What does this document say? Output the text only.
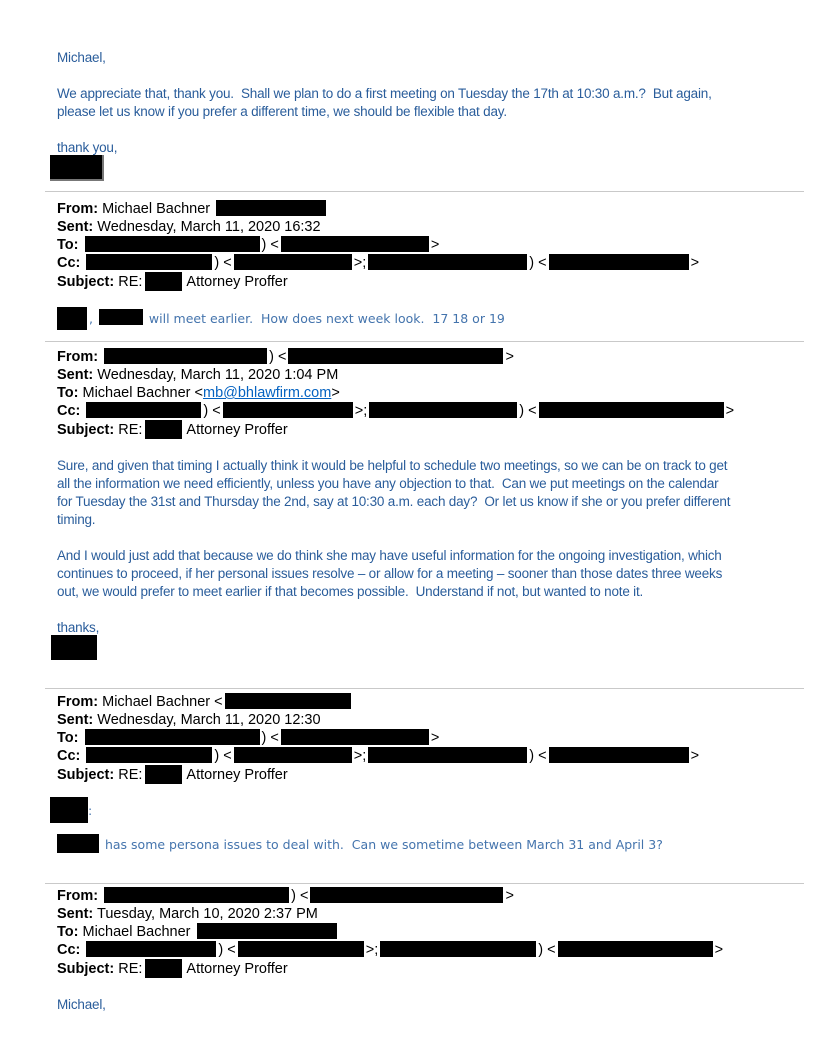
Michael,

We appreciate that, thank you.  Shall we plan to do a first meeting on Tuesday the 17th at 10:30 a.m.?  But again,
please let us know if you prefer a different time, we should be flexible that day.

thank you,

From: Michael Bachner
Sent: Wednesday, March 11, 2020 16:32
To:	) <	>
Cc:	) <	>;	) <	>
Subject: RE:	Attorney Proffer
,	will meet earlier.  How does next week look.  17 18 or 19
From:	) <	>
Sent: Wednesday, March 11, 2020 1:04 PM
To: Michael Bachner <mb@bhlawfirm.com>
Cc:	) <	>;	) <	>
Subject: RE:	Attorney Proffer

Sure, and given that timing I actually think it would be helpful to schedule two meetings, so we can be on track to get
all the information we need efficiently, unless you have any objection to that.  Can we put meetings on the calendar
for Tuesday the 31st and Thursday the 2nd, say at 10:30 a.m. each day?  Or let us know if she or you prefer different
timing.

And I would just add that because we do think she may have useful information for the ongoing investigation, which
continues to proceed, if her personal issues resolve – or allow for a meeting – sooner than those dates three weeks
out, we would prefer to meet earlier if that becomes possible.  Understand if not, but wanted to note it.

thanks,

From: Michael Bachner <
Sent: Wednesday, March 11, 2020 12:30
To:	) <	>
Cc:	) <	>;	) <	>
Subject: RE:	Attorney Proffer
:
has some persona issues to deal with.  Can we sometime between March 31 and April 3?
From:	) <	>
Sent: Tuesday, March 10, 2020 2:37 PM
To: Michael Bachner
Cc:	) <	>;	) <	>
Subject: RE:	Attorney Proffer

Michael,
